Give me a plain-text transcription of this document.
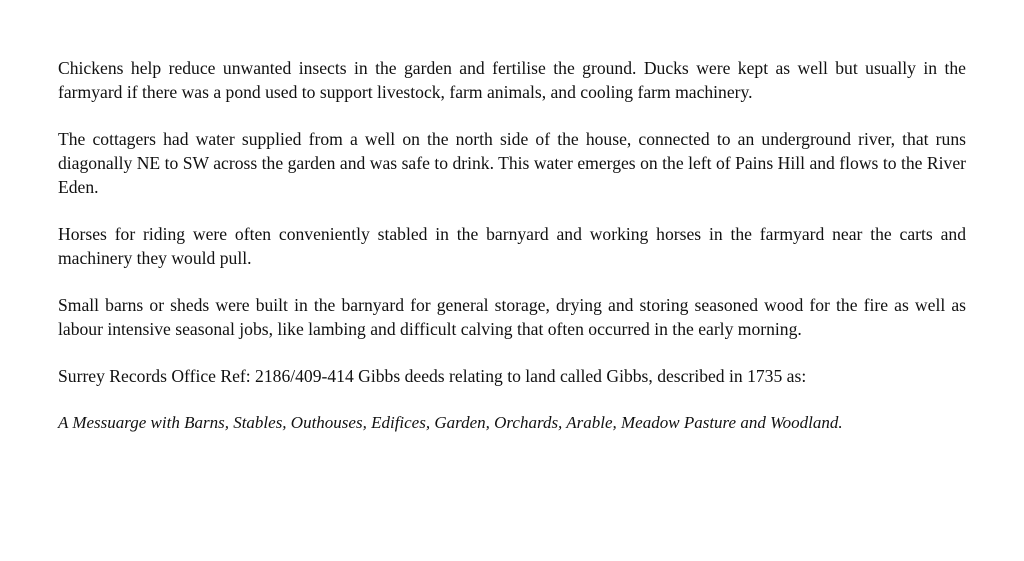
Chickens help reduce unwanted insects in the garden and fertilise the ground. Ducks were kept as well but usually in the farmyard if there was a pond used to support livestock, farm animals, and cooling farm machinery.

The cottagers had water supplied from a well on the north side of the house, connected to an underground river, that runs diagonally NE to SW across the garden and was safe to drink. This water emerges on the left of Pains Hill and flows to the River Eden.

Horses for riding were often conveniently stabled in the barnyard and working horses in the farmyard near the carts and machinery they would pull.

Small barns or sheds were built in the barnyard for general storage, drying and storing seasoned wood for the fire as well as labour intensive seasonal jobs, like lambing and difficult calving that often occurred in the early morning.

Surrey Records Office Ref: 2186/409-414 Gibbs deeds relating to land called Gibbs, described in 1735 as:

A Messuarge with Barns, Stables, Outhouses, Edifices, Garden, Orchards, Arable, Meadow Pasture and Woodland.
